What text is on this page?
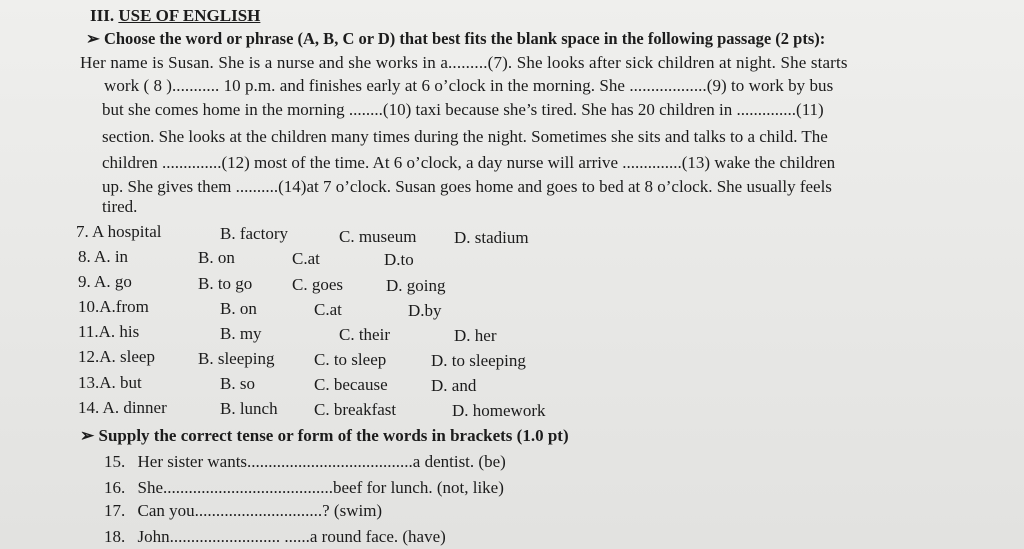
III. USE OF ENGLISH
➢ Choose the word or phrase (A, B, C or D) that best fits the blank space in the following passage (2 pts):
Her name is Susan. She is a nurse and she works in a.........(7). She looks after sick children at night. She starts
work ( 8 )........... 10 p.m. and finishes early at 6 o’clock in the morning. She ..................(9) to work by bus
but she comes home in the morning ........(10) taxi because she’s tired. She has 20 children in ..............(11)
section. She looks at the children many times during the night. Sometimes she sits and talks to a child. The
children ..............(12) most of the time. At 6 o’clock, a day nurse will arrive ..............(13) wake the children
up. She gives them ..........(14)at 7 o’clock. Susan goes home and goes to bed at 8 o’clock. She usually feels
tired.
7. A hospital	B. factory	C. museum D. stadium
8. A. in	B. on	C.at	D.to
9. A. go	B. to go C. goes	D. going
10.A.from	B. on	C.at	D.by
11.A. his	B. my	C. their	D. her
12.A. sleep	B. sleeping C. to sleep	D. to sleeping
13.A. but	B. so	C. because	D. and
14. A. dinner	B. lunch C. breakfast	D. homework
➢ Supply the correct tense or form of the words in brackets (1.0 pt)
15. Her sister wants.......................................a dentist. (be)
16. She........................................beef for lunch. (not, like)
17. Can you..............................? (swim)
18. John.......................... ......a round face. (have)
